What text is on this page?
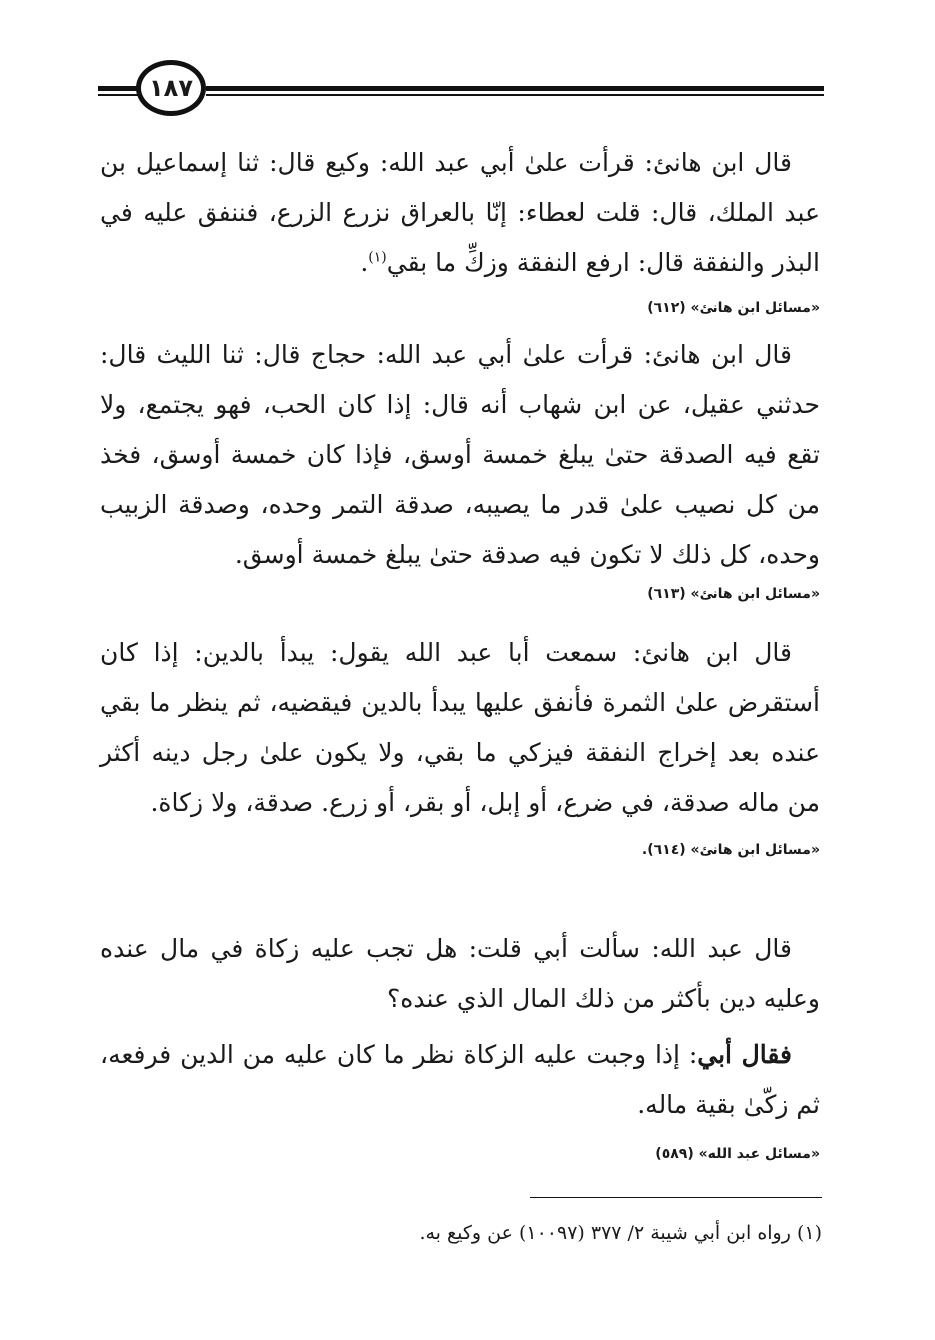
١٨٧

قال ابن هانئ: قرأت علىٰ أبي عبد الله: وكيع قال: ثنا إسماعيل بن عبد الملك، قال: قلت لعطاء: إنّا بالعراق نزرع الزرع، فننفق عليه في البذر والنفقة قال: ارفع النفقة وزكِّ ما بقي$^{(١)}$.

«مسائل ابن هانئ» (٦١٢)

قال ابن هانئ: قرأت علىٰ أبي عبد الله: حجاج قال: ثنا الليث قال: حدثني عقيل، عن ابن شهاب أنه قال: إذا كان الحب، فهو يجتمع، ولا تقع فيه الصدقة حتىٰ يبلغ خمسة أوسق، فإذا كان خمسة أوسق، فخذ من كل نصيب علىٰ قدر ما يصيبه، صدقة التمر وحده، وصدقة الزبيب وحده، كل ذلك لا تكون فيه صدقة حتىٰ يبلغ خمسة أوسق.

«مسائل ابن هانئ» (٦١٣)

قال ابن هانئ: سمعت أبا عبد الله يقول: يبدأ بالدين: إذا كان أستقرض علىٰ الثمرة فأنفق عليها يبدأ بالدين فيقضيه، ثم ينظر ما بقي عنده بعد إخراج النفقة فيزكي ما بقي، ولا يكون علىٰ رجل دينه أكثر من ماله صدقة، في ضرع، أو إبل، أو بقر، أو زرع. صدقة، ولا زكاة.

«مسائل ابن هانئ» (٦١٤).

قال عبد الله: سألت أبي قلت: هل تجب عليه زكاة في مال عنده وعليه دين بأكثر من ذلك المال الذي عنده؟

فقال أبي: إذا وجبت عليه الزكاة نظر ما كان عليه من الدين فرفعه، ثم زكّىٰ بقية ماله.

«مسائل عبد الله» (٥٨٩)

(١) رواه ابن أبي شيبة ٢/ ٣٧٧ (١٠٠٩٧) عن وكيع به.
